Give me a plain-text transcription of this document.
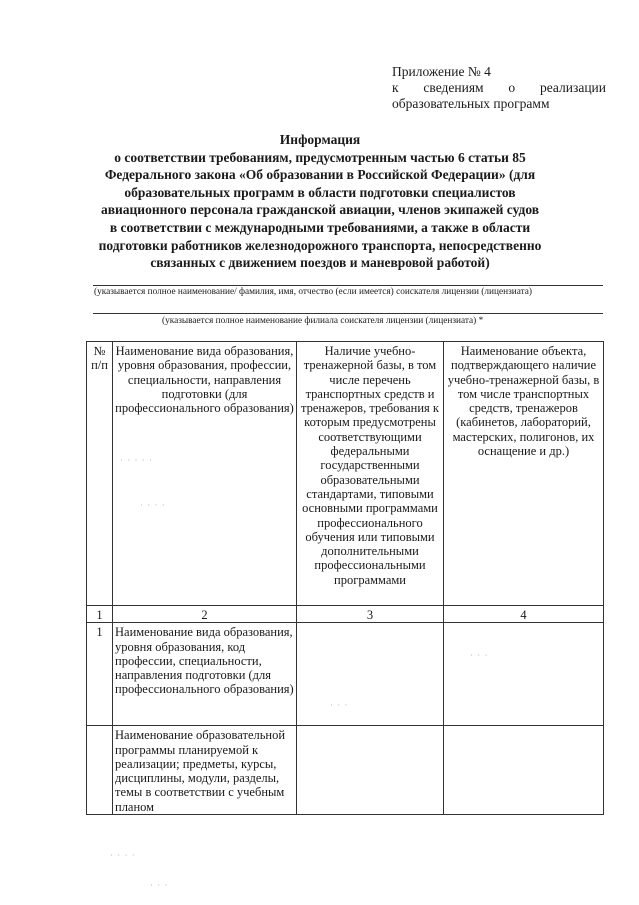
Приложение № 4
к сведениям о реализации
образовательных программ
Информация
о соответствии требованиям, предусмотренным частью 6 статьи 85
Федерального закона «Об образовании в Российской Федерации» (для
образовательных программ в области подготовки специалистов
авиационного персонала гражданской авиации, членов экипажей судов
в соответствии с международными требованиями, а также в области
подготовки работников железнодорожного транспорта, непосредственно
связанных с движением поездов и маневровой работой)
(указывается полное наименование/ фамилия, имя, отчество (если имеется) соискателя лицензии (лицензиата)
(указывается полное наименование филиала соискателя лицензии (лицензиата) *
№ п/п	Наименование вида образования, уровня образования, профессии, специальности, направления подготовки (для профессионального образования)	Наличие учебно-тренажерной базы, в том числе перечень транспортных средств и тренажеров, требования к которым предусмотрены соответствующими федеральными государственными образовательными стандартами, типовыми основными программами профессионального обучения или типовыми дополнительными профессиональными программами	Наименование объекта, подтверждающего наличие учебно-тренажерной базы, в том числе транспортных средств, тренажеров (кабинетов, лабораторий, мастерских, полигонов, их оснащение и др.)
1	2	3	4
1	Наименование вида образования, уровня образования, код профессии, специальности, направления подготовки (для профессионального образования)		
	Наименование образовательной программы планируемой к реализации; предметы, курсы, дисциплины, модули, разделы, темы в соответствии с учебным планом		
· · · · ·
· · · ·
· · ·
· · ·
· · · ·
· · ·
